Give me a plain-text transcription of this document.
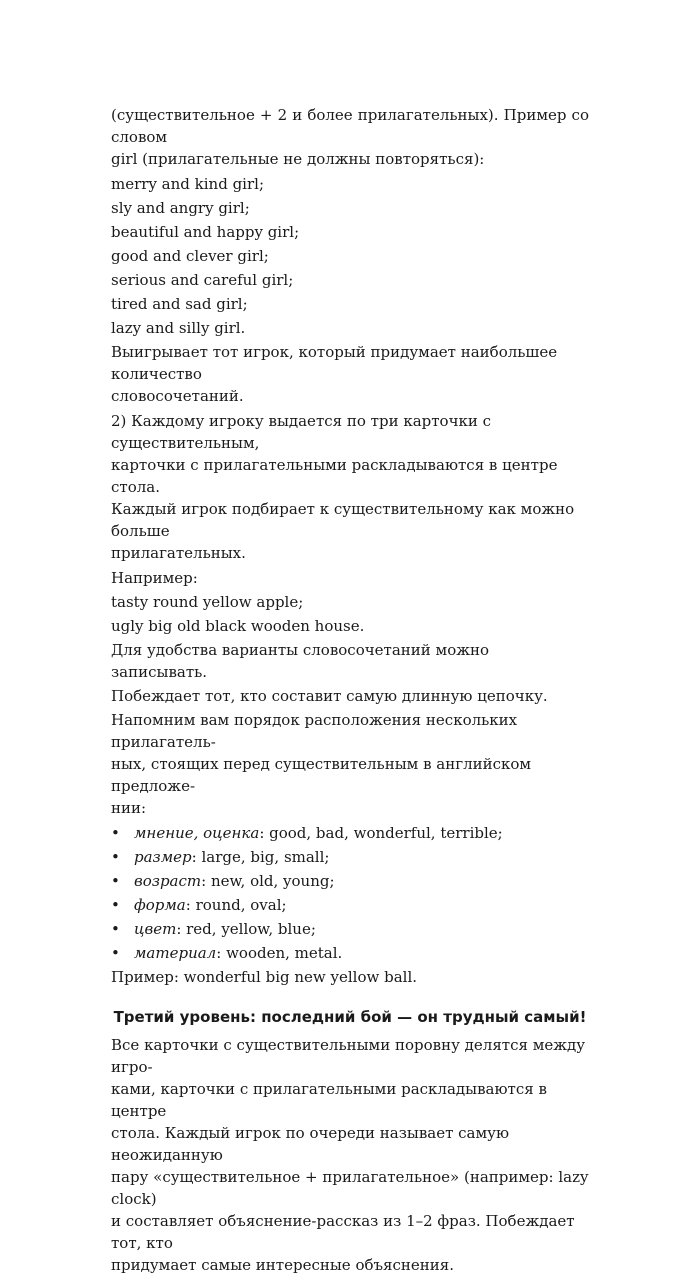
(существительное + 2 и более прилагательных). Пример со словом
girl (прилагательные не должны повторяться):
merry and kind girl;
sly and angry girl;
beautiful and happy girl;
good and clever girl;
serious and careful girl;
tired and sad girl;
lazy and silly girl.
Выигрывает тот игрок, который придумает наибольшее количество
словосочетаний.
2) Каждому игроку выдается по три карточки с существительным,
карточки с прилагательными раскладываются в центре стола.
Каждый игрок подбирает к существительному как можно больше
прилагательных.
Например:
tasty round yellow apple;
ugly big old black wooden house.
Для удобства варианты словосочетаний можно записывать.
Побеждает тот, кто составит самую длинную цепочку.
Напомним вам порядок расположения нескольких прилагатель-
ных, стоящих перед существительным в английском предложе-
нии:
• мнение, оценка: good, bad, wonderful, terrible;
• размер: large, big, small;
• возраст: new, old, young;
• форма: round, oval;
• цвет: red, yellow, blue;
• материал: wooden, metal.
Пример: wonderful big new yellow ball.
Третий уровень: последний бой — он трудный самый!
Все карточки с существительными поровну делятся между игро-
ками, карточки с прилагательными раскладываются в центре
стола. Каждый игрок по очереди называет самую неожиданную
пару «существительное + прилагательное» (например: lazy clock)
и составляет объяснение-рассказ из 1–2 фраз. Побеждает тот, кто
придумает самые интересные объяснения.
